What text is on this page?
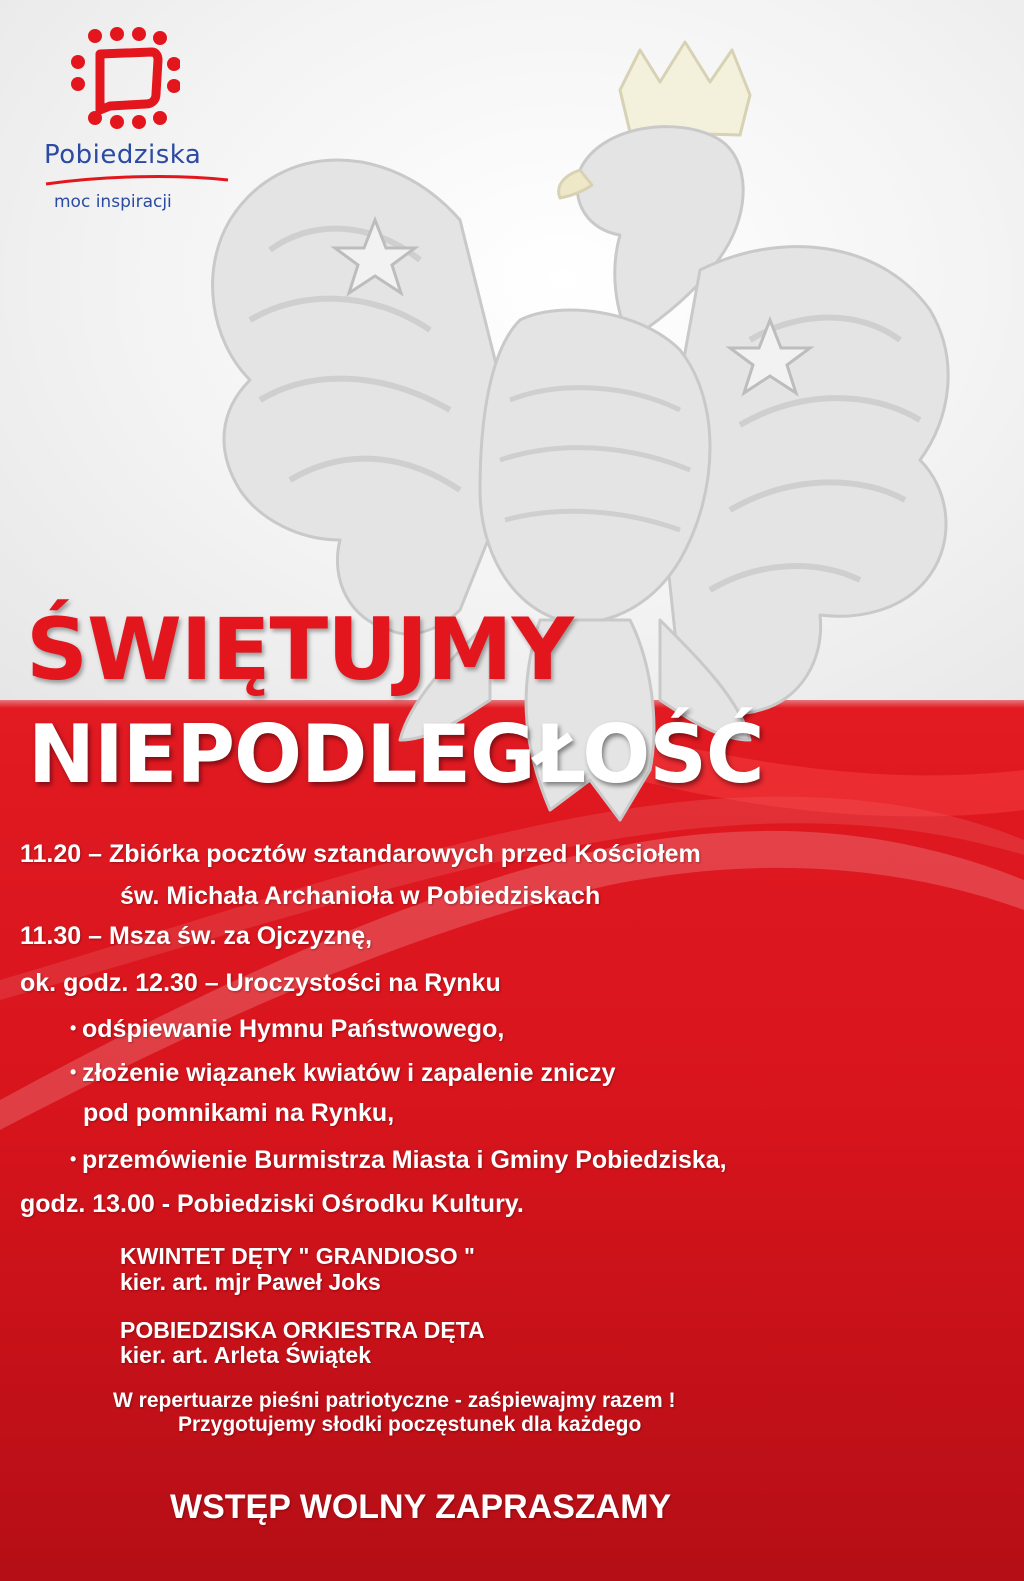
Pobiedziska
moc inspiracji
ŚWIĘTUJMY
NIEPODLEGŁOŚĆ
11.20 – Zbiórka pocztów sztandarowych przed Kościołem
św. Michała Archanioła w Pobiedziskach
11.30 – Msza św. za Ojczyznę,
ok. godz. 12.30 – Uroczystości na Rynku
• odśpiewanie Hymnu Państwowego,
• złożenie wiązanek kwiatów i zapalenie zniczy
pod pomnikami na Rynku,
• przemówienie Burmistrza Miasta i Gminy Pobiedziska,
godz. 13.00 - Pobiedziski Ośrodku Kultury.
KWINTET DĘTY " GRANDIOSO "
kier. art. mjr Paweł Joks
POBIEDZISKA ORKIESTRA DĘTA
kier. art. Arleta Świątek
W repertuarze pieśni patriotyczne - zaśpiewajmy razem !
Przygotujemy słodki poczęstunek dla każdego
WSTĘP WOLNY ZAPRASZAMY
